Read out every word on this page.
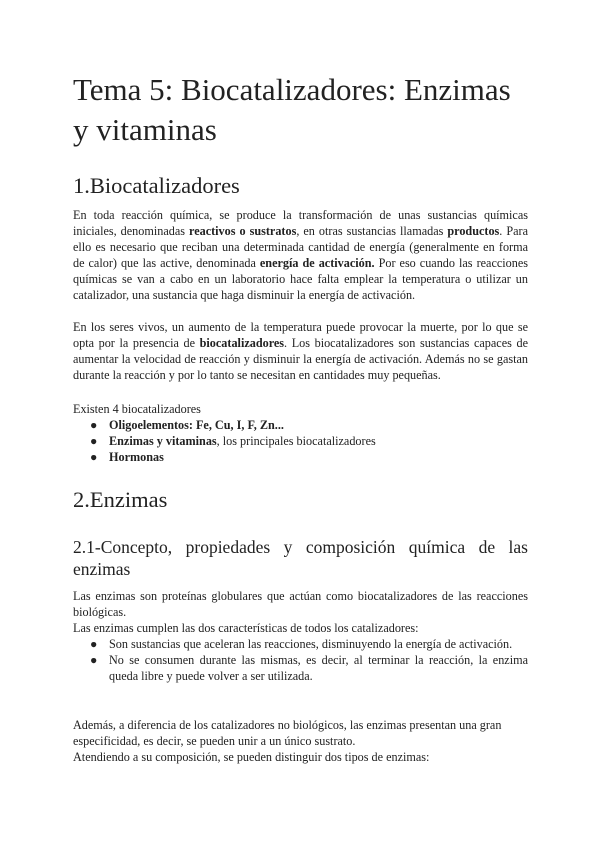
Tema 5: Biocatalizadores: Enzimas y vitaminas
1.Biocatalizadores

En toda reacción química, se produce la transformación de unas sustancias químicas iniciales, denominadas reactivos o sustratos, en otras sustancias llamadas productos. Para ello es necesario que reciban una determinada cantidad de energía (generalmente en forma de calor) que las active, denominada energía de activación. Por eso cuando las reacciones químicas se van a cabo en un laboratorio hace falta emplear la temperatura o utilizar un catalizador, una sustancia que haga disminuir la energía de activación.

En los seres vivos, un aumento de la temperatura puede provocar la muerte, por lo que se opta por la presencia de biocatalizadores. Los biocatalizadores son sustancias capaces de aumentar la velocidad de reacción y disminuir la energía de activación. Además no se gastan durante la reacción y por lo tanto se necesitan en cantidades muy pequeñas.

Existen 4 biocatalizadores

● Oligoelementos: Fe, Cu, I, F, Zn...
● Enzimas y vitaminas, los principales biocatalizadores
● Hormonas
2.Enzimas
2.1-Concepto, propiedades y composición química de las enzimas

Las enzimas son proteínas globulares que actúan como biocatalizadores de las reacciones biológicas.

Las enzimas cumplen las dos características de todos los catalizadores:

● Son sustancias que aceleran las reacciones, disminuyendo la energía de activación.
● No se consumen durante las mismas, es decir, al terminar la reacción, la enzima queda libre y puede volver a ser utilizada.

Además, a diferencia de los catalizadores no biológicos, las enzimas presentan una gran especificidad, es decir, se pueden unir a un único sustrato.

Atendiendo a su composición, se pueden distinguir dos tipos de enzimas:
